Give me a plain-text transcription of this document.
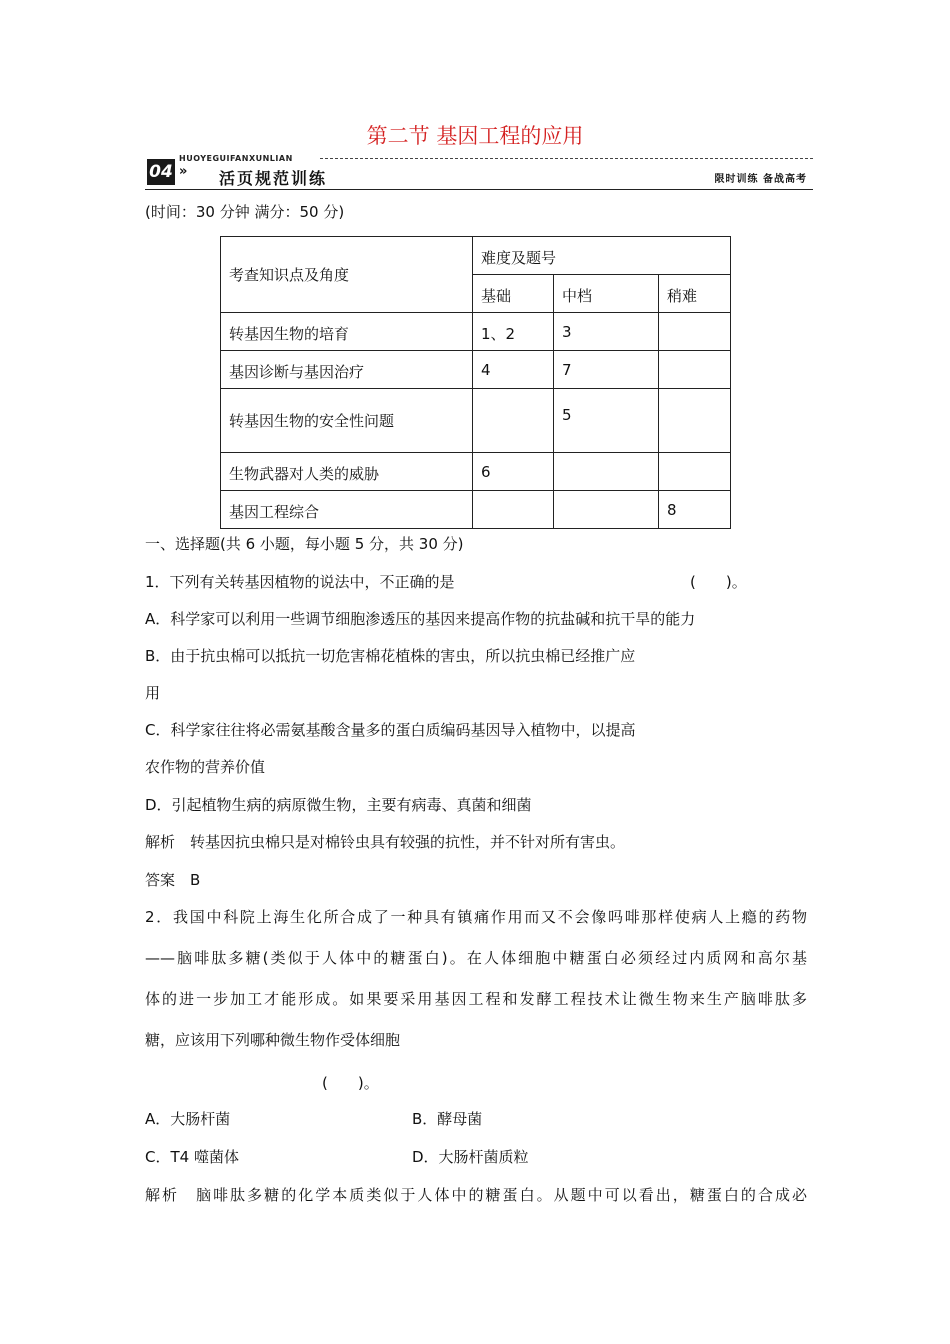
第二节 基因工程的应用
04
HUOYEGUIFANXUNLIAN
» 活页规范训练	限时训练 备战高考
(时间：30 分钟 满分：50 分)
考查知识点及角度	难度及题号		
	基础	中档	稍难
转基因生物的培育	1、2	3	
基因诊断与基因治疗	4	7	
转基因生物的安全性问题		5	
生物武器对人类的威胁	6		
基因工程综合			8
一、选择题(共 6 小题，每小题 5 分，共 30 分)
1．下列有关转基因植物的说法中，不正确的是	(　　)。
A．科学家可以利用一些调节细胞渗透压的基因来提高作物的抗盐碱和抗干旱的能力
B．由于抗虫棉可以抵抗一切危害棉花植株的害虫，所以抗虫棉已经推广应
用
C．科学家往往将必需氨基酸含量多的蛋白质编码基因导入植物中，以提高
农作物的营养价值
D．引起植物生病的病原微生物，主要有病毒、真菌和细菌
解析　转基因抗虫棉只是对棉铃虫具有较强的抗性，并不针对所有害虫。
答案　B
2．我国中科院上海生化所合成了一种具有镇痛作用而又不会像吗啡那样使病人上瘾的药物
——脑啡肽多糖(类似于人体中的糖蛋白)。在人体细胞中糖蛋白必须经过内质网和高尔基
体的进一步加工才能形成。如果要采用基因工程和发酵工程技术让微生物来生产脑啡肽多
糖，应该用下列哪种微生物作受体细胞
(　　)。
A．大肠杆菌	B．酵母菌
C．T4 噬菌体	D．大肠杆菌质粒
解析　脑啡肽多糖的化学本质类似于人体中的糖蛋白。从题中可以看出，糖蛋白的合成必
